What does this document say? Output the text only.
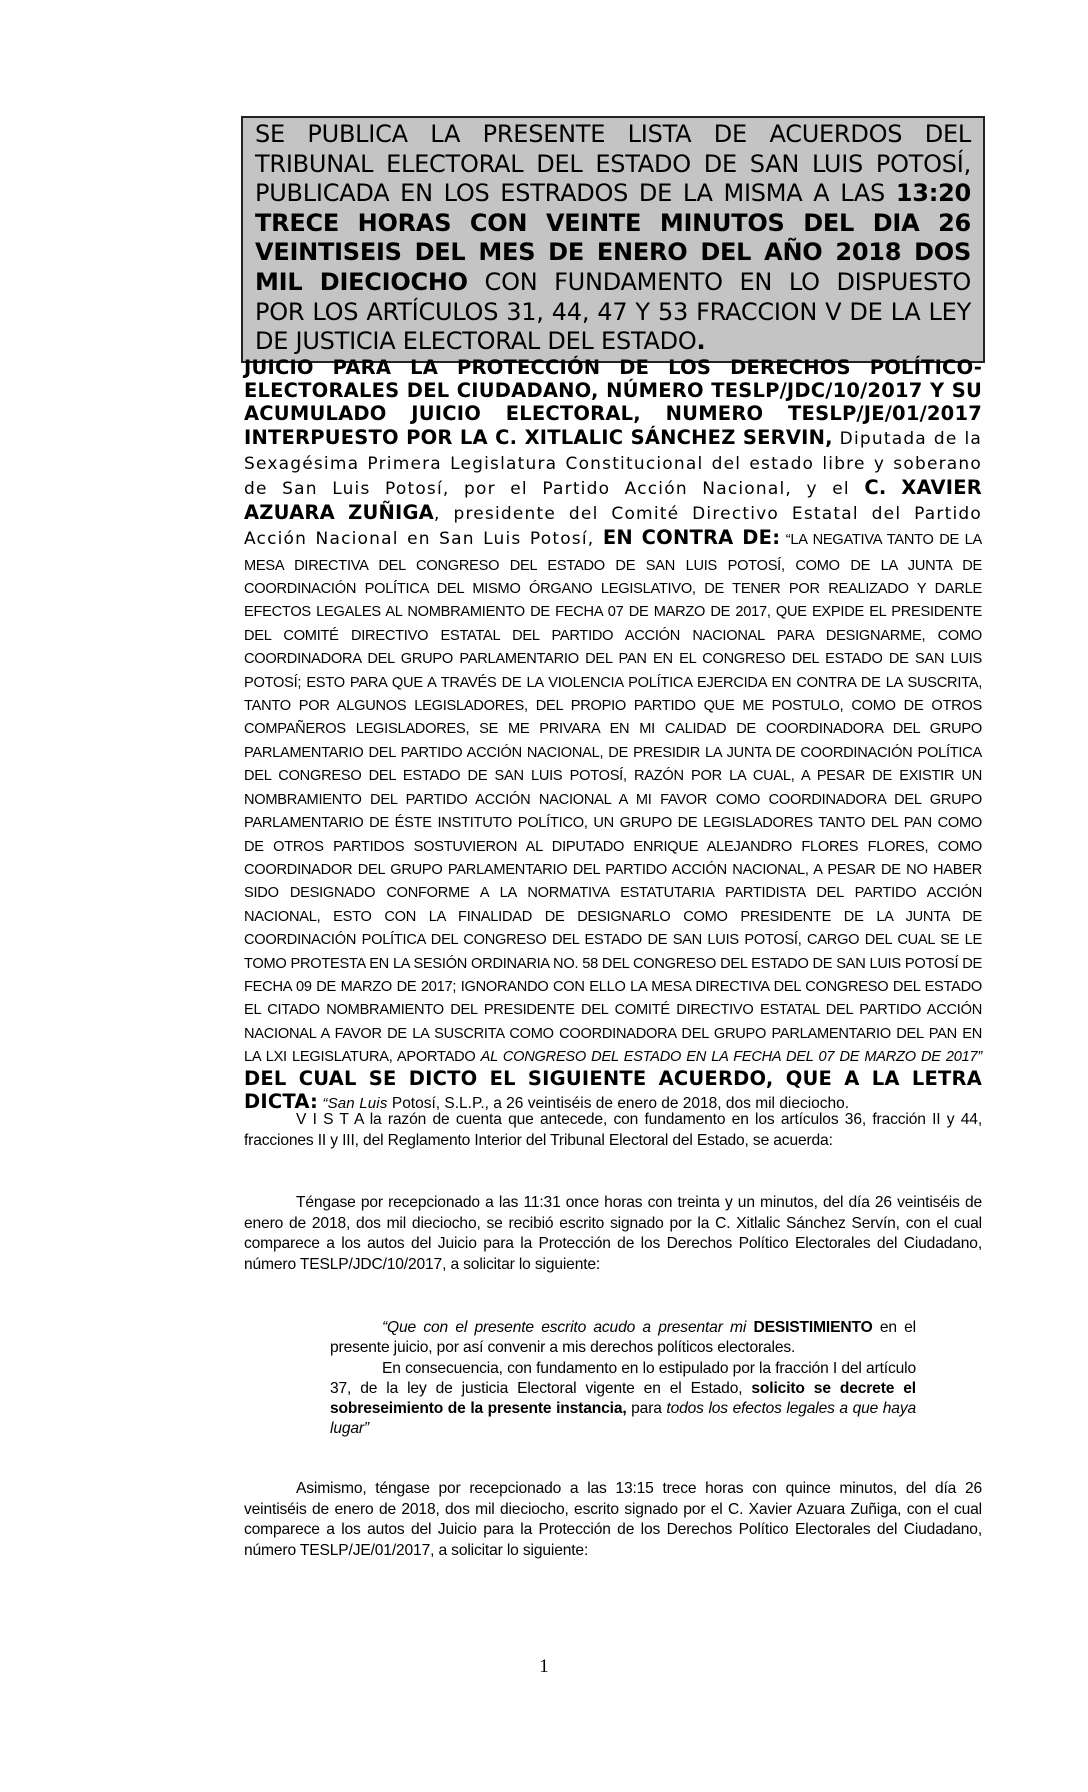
SE PUBLICA LA PRESENTE LISTA DE ACUERDOS DEL TRIBUNAL ELECTORAL DEL ESTADO DE SAN LUIS POTOSÍ, PUBLICADA EN LOS ESTRADOS DE LA MISMA A LAS 13:20 TRECE HORAS CON VEINTE MINUTOS DEL DIA 26 VEINTISEIS DEL MES DE ENERO DEL AÑO 2018 DOS MIL DIECIOCHO CON FUNDAMENTO EN LO DISPUESTO POR LOS ARTÍCULOS 31, 44, 47 Y 53 FRACCION V DE LA LEY DE JUSTICIA ELECTORAL DEL ESTADO.
JUICIO PARA LA PROTECCIÓN DE LOS DERECHOS POLÍTICO-ELECTORALES DEL CIUDADANO, NÚMERO TESLP/JDC/10/2017 Y SU ACUMULADO JUICIO ELECTORAL, NUMERO TESLP/JE/01/2017 INTERPUESTO POR LA C. XITLALIC SÁNCHEZ SERVIN, Diputada de la Sexagésima Primera Legislatura Constitucional del estado libre y soberano de San Luis Potosí, por el Partido Acción Nacional, y el C. XAVIER AZUARA ZUÑIGA, presidente del Comité Directivo Estatal del Partido Acción Nacional en San Luis Potosí, EN CONTRA DE: “LA NEGATIVA TANTO DE LA MESA DIRECTIVA DEL CONGRESO DEL ESTADO DE SAN LUIS POTOSÍ, COMO DE LA JUNTA DE COORDINACIÓN POLÍTICA DEL MISMO ÓRGANO LEGISLATIVO, DE TENER POR REALIZADO Y DARLE EFECTOS LEGALES AL NOMBRAMIENTO DE FECHA 07 DE MARZO DE 2017, QUE EXPIDE EL PRESIDENTE DEL COMITÉ DIRECTIVO ESTATAL DEL PARTIDO ACCIÓN NACIONAL PARA DESIGNARME, COMO COORDINADORA DEL GRUPO PARLAMENTARIO DEL PAN EN EL CONGRESO DEL ESTADO DE SAN LUIS POTOSÍ; ESTO PARA QUE A TRAVÉS DE LA VIOLENCIA POLÍTICA EJERCIDA EN CONTRA DE LA SUSCRITA, TANTO POR ALGUNOS LEGISLADORES, DEL PROPIO PARTIDO QUE ME POSTULO, COMO DE OTROS COMPAÑEROS LEGISLADORES, SE ME PRIVARA EN MI CALIDAD DE COORDINADORA DEL GRUPO PARLAMENTARIO DEL PARTIDO ACCIÓN NACIONAL, DE PRESIDIR LA JUNTA DE COORDINACIÓN POLÍTICA DEL CONGRESO DEL ESTADO DE SAN LUIS POTOSÍ, RAZÓN POR LA CUAL, A PESAR DE EXISTIR UN NOMBRAMIENTO DEL PARTIDO ACCIÓN NACIONAL A MI FAVOR COMO COORDINADORA DEL GRUPO PARLAMENTARIO DE ÉSTE INSTITUTO POLÍTICO, UN GRUPO DE LEGISLADORES TANTO DEL PAN COMO DE OTROS PARTIDOS SOSTUVIERON AL DIPUTADO ENRIQUE ALEJANDRO FLORES FLORES, COMO COORDINADOR DEL GRUPO PARLAMENTARIO DEL PARTIDO ACCIÓN NACIONAL, A PESAR DE NO HABER SIDO DESIGNADO CONFORME A LA NORMATIVA ESTATUTARIA PARTIDISTA DEL PARTIDO ACCIÓN NACIONAL, ESTO CON LA FINALIDAD DE DESIGNARLO COMO PRESIDENTE DE LA JUNTA DE COORDINACIÓN POLÍTICA DEL CONGRESO DEL ESTADO DE SAN LUIS POTOSÍ, CARGO DEL CUAL SE LE TOMO PROTESTA EN LA SESIÓN ORDINARIA NO. 58 DEL CONGRESO DEL ESTADO DE SAN LUIS POTOSÍ DE FECHA 09 DE MARZO DE 2017; IGNORANDO CON ELLO LA MESA DIRECTIVA DEL CONGRESO DEL ESTADO EL CITADO NOMBRAMIENTO DEL PRESIDENTE DEL COMITÉ DIRECTIVO ESTATAL DEL PARTIDO ACCIÓN NACIONAL A FAVOR DE LA SUSCRITA COMO COORDINADORA DEL GRUPO PARLAMENTARIO DEL PAN EN LA LXI LEGISLATURA, APORTADO AL CONGRESO DEL ESTADO EN LA FECHA DEL 07 DE MARZO DE 2017” DEL CUAL SE DICTO EL SIGUIENTE ACUERDO, QUE A LA LETRA DICTA: “San Luis Potosí, S.L.P., a 26 veintiséis de enero de 2018, dos mil dieciocho.

V I S T A la razón de cuenta que antecede, con fundamento en los artículos 36, fracción II y 44, fracciones II y III, del Reglamento Interior del Tribunal Electoral del Estado, se acuerda:

Téngase por recepcionado a las 11:31 once horas con treinta y un minutos, del día 26 veintiséis de enero de 2018, dos mil dieciocho, se recibió escrito signado por la C. Xitlalic Sánchez Servín, con el cual comparece a los autos del Juicio para la Protección de los Derechos Político Electorales del Ciudadano, número TESLP/JDC/10/2017, a solicitar lo siguiente:

“Que con el presente escrito acudo a presentar mi DESISTIMIENTO en el presente juicio, por así convenir a mis derechos políticos electorales.

En consecuencia, con fundamento en lo estipulado por la fracción I del artículo 37, de la ley de justicia Electoral vigente en el Estado, solicito se decrete el sobreseimiento de la presente instancia, para todos los efectos legales a que haya lugar”

Asimismo, téngase por recepcionado a las 13:15 trece horas con quince minutos, del día 26 veintiséis de enero de 2018, dos mil dieciocho, escrito signado por el C. Xavier Azuara Zuñiga, con el cual comparece a los autos del Juicio para la Protección de los Derechos Político Electorales del Ciudadano, número TESLP/JE/01/2017, a solicitar lo siguiente:

1
